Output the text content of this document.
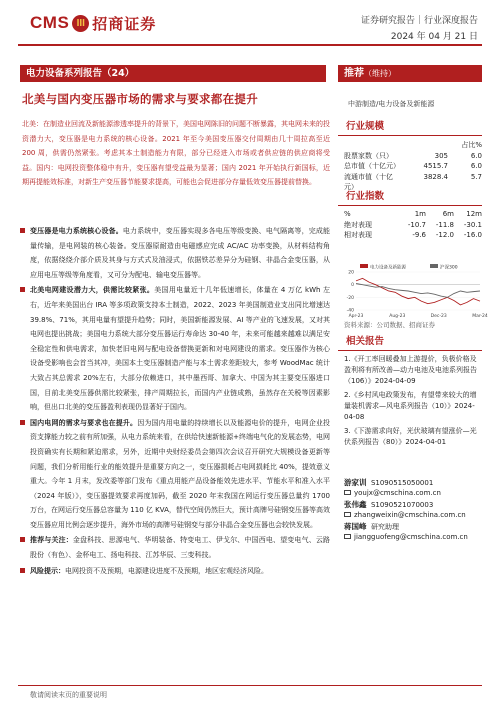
CMS III 招商证券	证券研究报告｜行业深度报告
2024 年 04 月 21 日
电力设备系列报告（24）
北美与国内变压器市场的需求与要求都在提升
北美：在制造业回流及新能源渗透率提升的背景下，美国电网陈旧的问题不断暴露，其电网未来的投资潜力大，变压器是电力系统的核心设备。2021 年至今美国变压器交付周期由几十周拉高至近 200 周，供需仍然紧张。考虑其本土制造能力有限，部分已经进入市场或者供应链的供应商将受益。国内：电网投资整体稳中有升，变压器有望受益最为显著；国内 2021 年开始执行新国标，近期再提能效标准，对新生产变压器节能要求提高，可能也会促进部分存量低效变压器提前替换。
变压器是电力系统核心设备。电力系统中，变压器实现多各电压等级变换、电气隔离等，完成能量传输，是电网装的核心装备。变压器原耐造由电磁感应完成 AC/AC 功率变换，从材料结构角度，依据绕绕介部介质及其身与方式式及油浸式，依据铁芯差异分为硅钢、非晶合金变压器，从应用电压等级等角度看，又可分为配电、输电变压器等。
北美电网建设潜力大，供需比较紧张。美国用电量近十几年低速增长，体量在 4 万亿 kWh 左右，近年来美国出台 IRA 等多项政策支持本土制造，2022、2023 年美国制造业支出同比增速达 39.8%、71%，其用电量有望提升趋势；同时，美国新能源发展、AI 等产业的飞速发展，又对其电网也提出挑战；美国电力系统大部分变压器运行寿命达 30-40 年，未来可能越来越难以满足安全稳定性和供电需求，加快老旧电网与配电设备替换更新和对电网建设的需求。变压器作为核心设备受影响也会首当其冲，美国本土变压器制造产能与本土需求差距较大，参考 WoodMac 统计大致占其总需求 20%左右，大部分依赖进口，其中墨西哥、加拿大、中国为其主要变压器进口国，目前北美变压器供需比较紧张，排产周期拉长，而国内产业链成熟，虽然存在关税等因素影响，但出口北美的变压器盈利表现仍显著好于国内。
国内电网的需求与要求也在提升。因为国内用电量的持续增长以及能源电价的提升，电网企业投资支撑能力较之前有所加强，从电力系统来看，在供给快速新能源+终端电气化的发展态势，电网投资确实有长期和紧迫需求，另外，近期中央财经委员会第四次会议召开研究大规模设备更新等问题，我们分析用能行业的能效提升是重要方向之一，变压器损耗占电网损耗比 40%，提效意义重大。今年 1 月末，发改委等部门发布《重点用能产品设备能效先进水平、节能水平和准入水平（2024 年版）》，变压器提效要求再度加码，截至 2020 年末我国在网运行变压器总量约 1700 万台，在网运行变压器总容量为 110 亿 KVA，替代空间仍然巨大，预计高牌号硅钢变压器等高效变压器应用比例会逐步提升，海外市场的高牌号硅钢变与部分非晶合金变压器也会较快发展。
推荐与关注：金盘科技、思源电气、华明装备、特变电工、伊戈尔、中国西电、望变电气、云路股份（有色）、金杯电工、扬电科技、江苏华辰、三变科技。
风险提示：电网投资不及预期，电源建设进度不及预期，地区宏观经济风险。
推荐（维持）
中游制造/电力设备及新能源
行业规模
占比%
股票家数（只）	305	6.0
总市值（十亿元）	4515.7	6.0
流通市值（十亿元）
3828.4	5.7
行业指数
%	1m	6m	12m
绝对表现	-10.7	-11.8	-30.1
相对表现	-9.6	-12.0	-16.0
电力设备及新能源	沪深300
20
0
-20
-40
Apr-23	Aug-23	Dec-23	Mar-24
资料来源：公司数据、招商证券
相关报告
1.《开工率回暖叠加上游提价，负极价格及盈利将有所改善—动力电池及电池系列报告（106）》2024-04-09
2.《乡村风电政策发布，有望带来较大的增量装机需求—风电系列报告（10）》2024-04-08
3.《下游需求向好，光伏玻璃有望涨价—光伏系列报告（80）》2024-04-01
游家训 S1090515050001
youjx@cmschina.com.cn
张伟鑫 S1090521070003
zhangweixin@cmschina.com.cn
蒋国峰 研究助理
jiangguofeng@cmschina.com.cn
敬请阅读末页的重要说明
